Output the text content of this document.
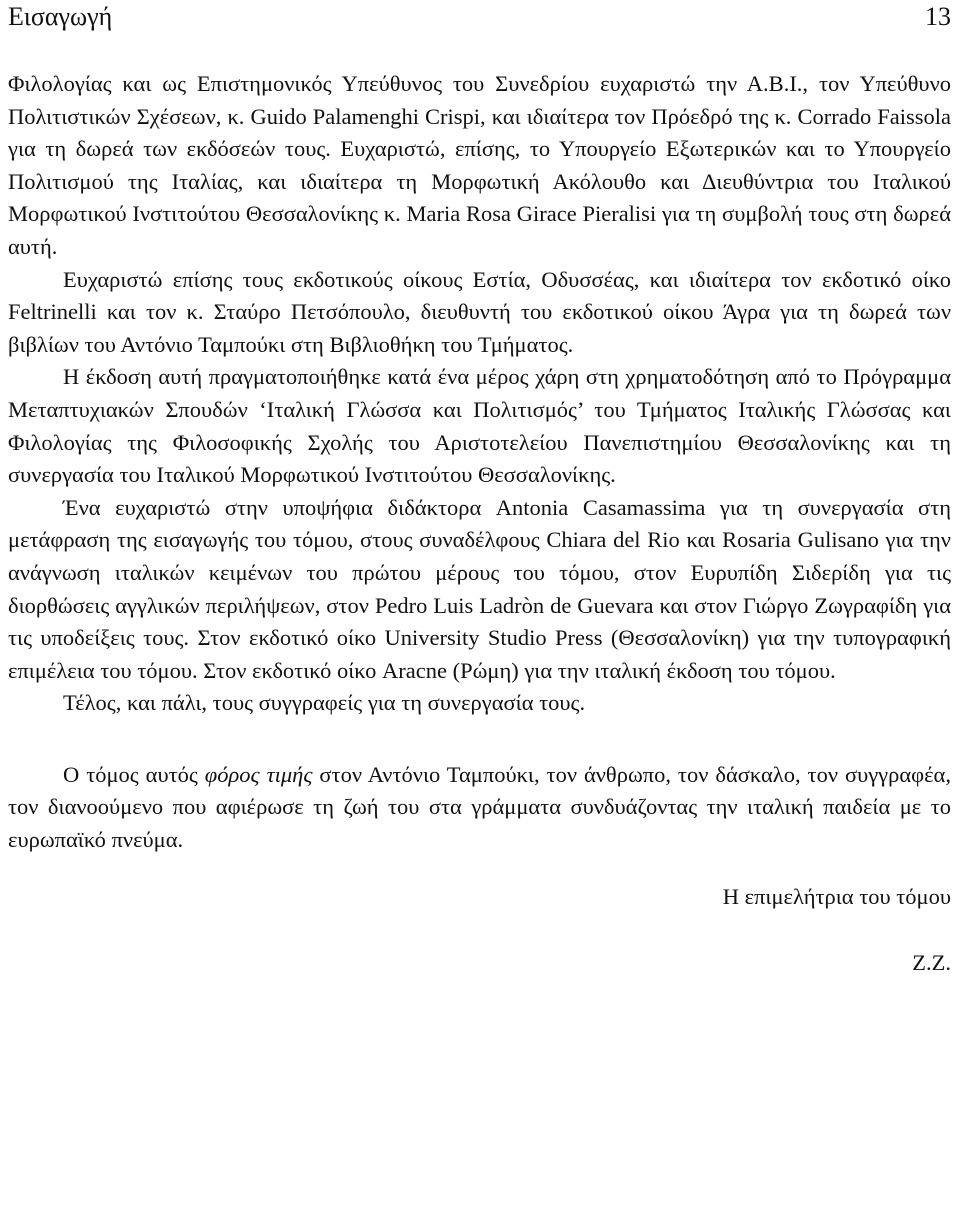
Εισαγωγή	13

Φιλολογίας και ως Επιστημονικός Υπεύθυνος του Συνεδρίου ευχαριστώ την Α.Β.Ι., τον Υπεύθυνο Πολιτιστικών Σχέσεων, κ. Guido Palamenghi Crispi, και ιδιαίτερα τον Πρόεδρό της κ. Corrado Faissola για τη δωρεά των εκδόσεών τους. Ευχαριστώ, επίσης, το Υπουργείο Εξωτερικών και το Υπουργείο Πολιτισμού της Ιταλίας, και ιδιαίτερα τη Μορφωτική Ακόλουθο και Διευθύντρια του Ιταλικού Μορφωτικού Ινστιτούτου Θεσσαλονίκης κ. Maria Rosa Girace Pieralisi για τη συμβολή τους στη δωρεά αυτή.

Ευχαριστώ επίσης τους εκδοτικούς οίκους Εστία, Οδυσσέας, και ιδιαίτερα τον εκδοτικό οίκο Feltrinelli και τον κ. Σταύρο Πετσόπουλο, διευθυντή του εκδοτικού οίκου Άγρα για τη δωρεά των βιβλίων του Αντόνιο Ταμπούκι στη Βιβλιοθήκη του Τμήματος.

Η έκδοση αυτή πραγματοποιήθηκε κατά ένα μέρος χάρη στη χρηματοδότηση από το Πρόγραμμα Μεταπτυχιακών Σπουδών ‘Ιταλική Γλώσσα και Πολιτισμός’ του Τμήματος Ιταλικής Γλώσσας και Φιλολογίας της Φιλοσοφικής Σχολής του Αριστοτελείου Πανεπιστημίου Θεσσαλονίκης και τη συνεργασία του Ιταλικού Μορφωτικού Ινστιτούτου Θεσσαλονίκης.

Ένα ευχαριστώ στην υποψήφια διδάκτορα Antonia Casamassima για τη συνεργασία στη μετάφραση της εισαγωγής του τόμου, στους συναδέλφους Chiara del Rio και Rosaria Gulisano για την ανάγνωση ιταλικών κειμένων του πρώτου μέρους του τόμου, στον Ευρυπίδη Σιδερίδη για τις διορθώσεις αγγλικών περιλήψεων, στον Pedro Luis Ladròn de Guevara και στον Γιώργο Ζωγραφίδη για τις υποδείξεις τους. Στον εκδοτικό οίκο University Studio Press (Θεσσαλονίκη) για την τυπογραφική επιμέλεια του τόμου. Στον εκδοτικό οίκο Aracne (Ρώμη) για την ιταλική έκδοση του τόμου.

Τέλος, και πάλι, τους συγγραφείς για τη συνεργασία τους.

Ο τόμος αυτός φόρος τιμής στον Αντόνιο Ταμπούκι, τον άνθρωπο, τον δάσκαλο, τον συγγραφέα, τον διανοούμενο που αφιέρωσε τη ζωή του στα γράμματα συνδυάζοντας την ιταλική παιδεία με το ευρωπαϊκό πνεύμα.

Η επιμελήτρια του τόμου
Ζ.Ζ.
